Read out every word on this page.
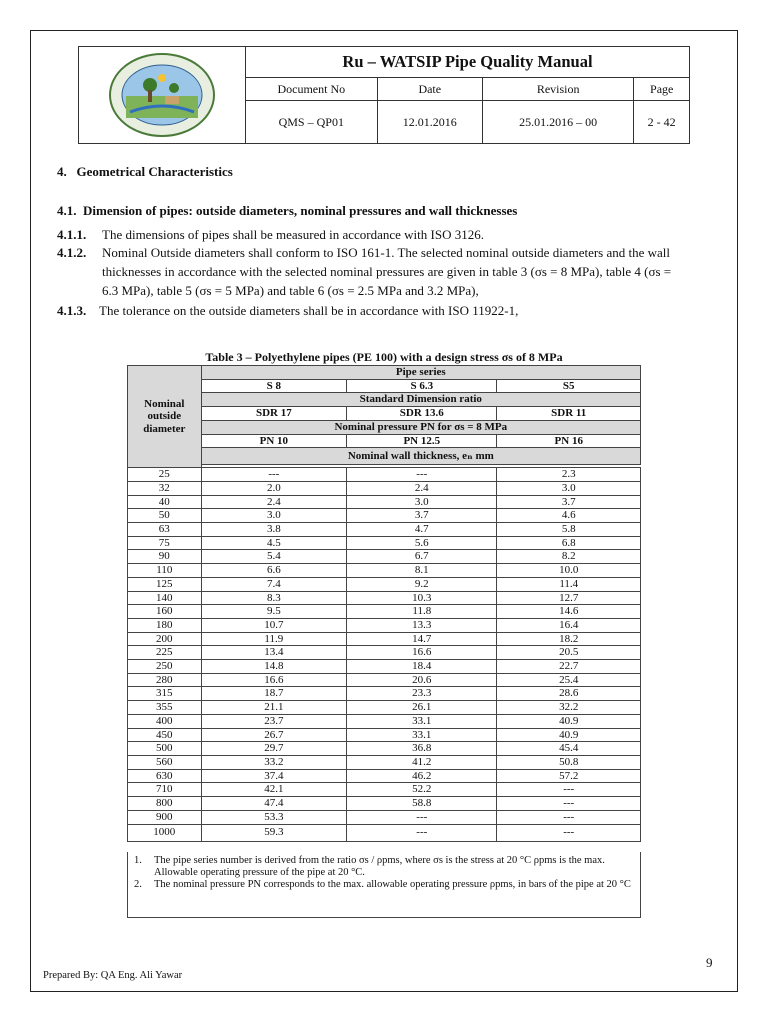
	Ru – WATSIP Pipe Quality Manual			
	Document No	Date	Revision	Page
	QMS – QP01	12.01.2016	25.01.2016 – 00	2 - 42
4. Geometrical Characteristics
4.1. Dimension of pipes: outside diameters, nominal pressures and wall thicknesses
4.1.1. The dimensions of pipes shall be measured in accordance with ISO 3126.
4.1.2. Nominal Outside diameters shall conform to ISO 161-1. The selected nominal outside diameters and the wall
thicknesses in accordance with the selected nominal pressures are given in table 3 (σs = 8 MPa), table 4 (σs =
6.3 MPa), table 5 (σs = 5 MPa) and table 6 (σs = 2.5 MPa and 3.2 MPa),
4.1.3. The tolerance on the outside diameters shall be in accordance with ISO 11922-1,
Table 3 – Polyethylene pipes (PE 100) with a design stress σs of 8 MPa
Nominal
outside
diameter	Pipe series		
	S 8	S 6.3	S5
	Standard Dimension ratio		
	SDR 17	SDR 13.6	SDR 11
	Nominal pressure PN for σs = 8 MPa		
	PN 10	PN 12.5	PN 16
	Nominal wall thickness, eₙ mm		

25	---	---	2.3
32	2.0	2.4	3.0
40	2.4	3.0	3.7
50	3.0	3.7	4.6
63	3.8	4.7	5.8
75	4.5	5.6	6.8
90	5.4	6.7	8.2
110	6.6	8.1	10.0
125	7.4	9.2	11.4
140	8.3	10.3	12.7
160	9.5	11.8	14.6
180	10.7	13.3	16.4
200	11.9	14.7	18.2
225	13.4	16.6	20.5
250	14.8	18.4	22.7
280	16.6	20.6	25.4
315	18.7	23.3	28.6
355	21.1	26.1	32.2
400	23.7	33.1	40.9
450	26.7	33.1	40.9
500	29.7	36.8	45.4
560	33.2	41.2	50.8
630	37.4	46.2	57.2
710	42.1	52.2	---
800	47.4	58.8	---
900	53.3	---	---
1000	59.3	---	---
1.	The pipe series number is derived from the ratio σs / ρpms, where σs is the stress at 20 °C ρpms is the max. Allowable operating pressure of the pipe at 20 °C.
2.	The nominal pressure PN corresponds to the max. allowable operating pressure ρpms, in bars of the pipe at 20 °C
9
Prepared By: QA Eng. Ali Yawar
